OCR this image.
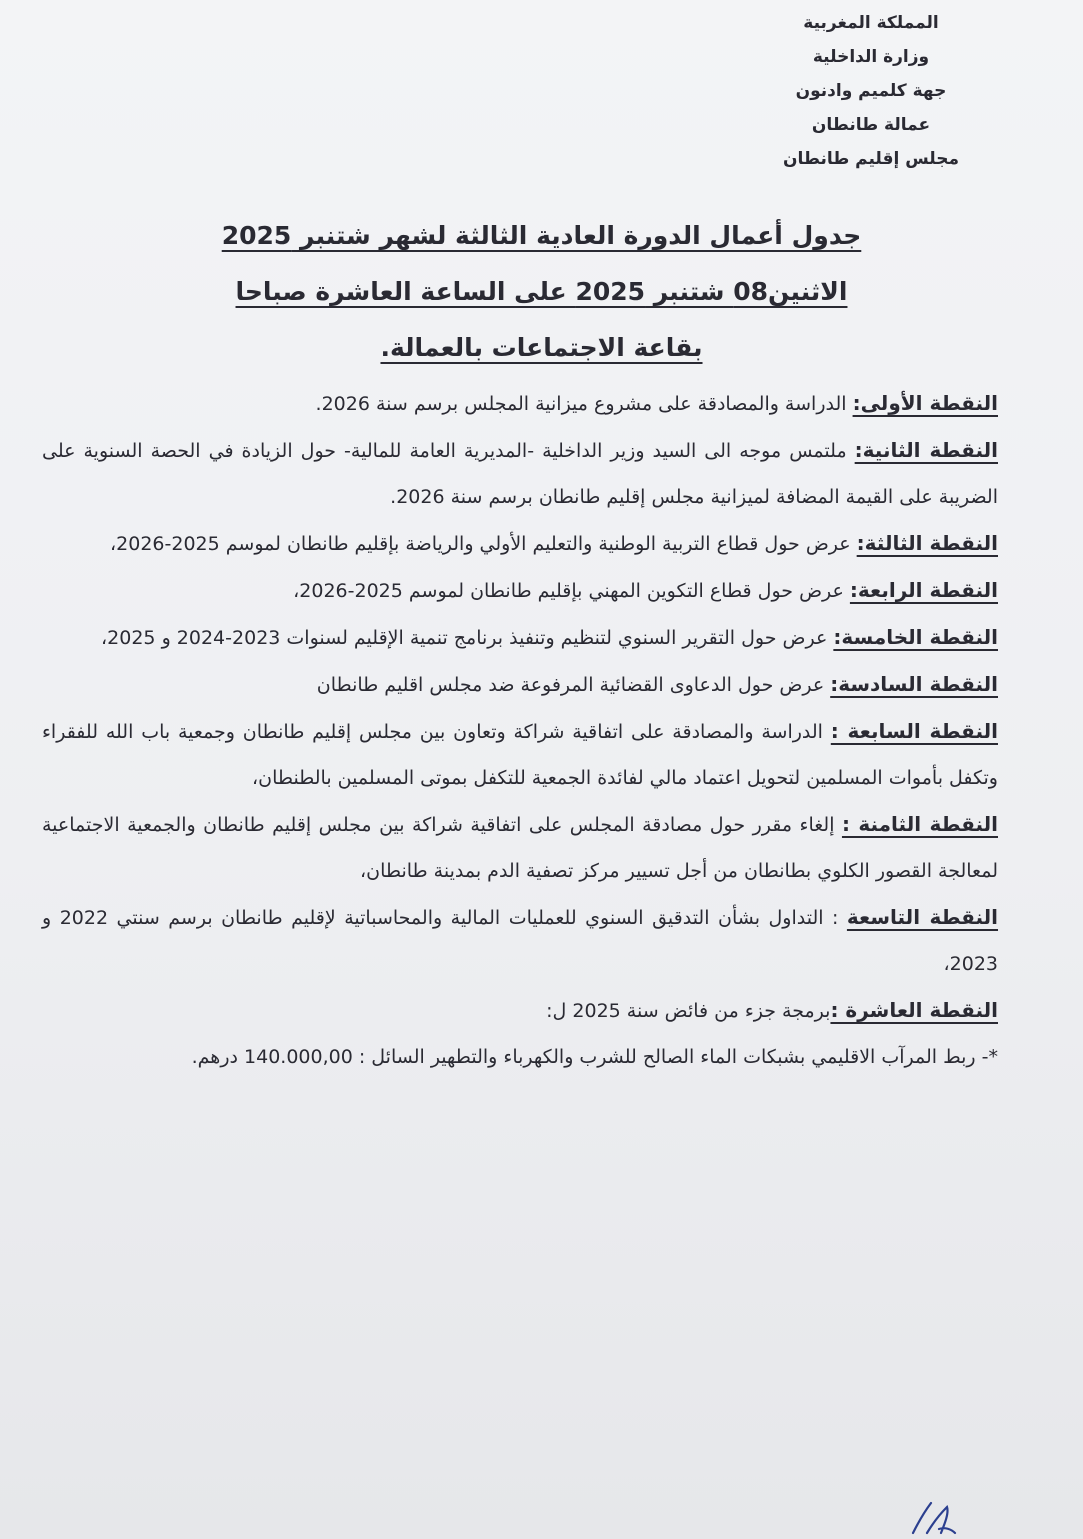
المملكة المغربية
وزارة الداخلية
جهة كلميم وادنون
عمالة طانطان
مجلس إقليم طانطان
جدول أعمال الدورة العادية الثالثة لشهر شتنبر 2025
الاثنين08 شتنبر 2025 على الساعة العاشرة صباحا
بقاعة الاجتماعات بالعمالة.

النقطة الأولى: الدراسة والمصادقة على مشروع ميزانية المجلس برسم سنة 2026.

النقطة الثانية: ملتمس موجه الى السيد وزير الداخلية -المديرية العامة للمالية- حول الزيادة في الحصة السنوية على الضريبة على القيمة المضافة لميزانية مجلس إقليم طانطان برسم سنة 2026.

النقطة الثالثة: عرض حول قطاع التربية الوطنية والتعليم الأولي والرياضة بإقليم طانطان لموسم 2025-2026،

النقطة الرابعة: عرض حول قطاع التكوين المهني بإقليم طانطان لموسم 2025-2026،

النقطة الخامسة: عرض حول التقرير السنوي لتنظيم وتنفيذ برنامج تنمية الإقليم لسنوات 2023-2024 و 2025،

النقطة السادسة: عرض حول الدعاوى القضائية المرفوعة ضد مجلس اقليم طانطان

النقطة السابعة : الدراسة والمصادقة على اتفاقية شراكة وتعاون بين مجلس إقليم طانطان وجمعية باب الله للفقراء وتكفل بأموات المسلمين لتحويل اعتماد مالي لفائدة الجمعية للتكفل بموتى المسلمين بالطنطان،

النقطة الثامنة : إلغاء مقرر حول مصادقة المجلس على اتفاقية شراكة بين مجلس إقليم طانطان والجمعية الاجتماعية لمعالجة القصور الكلوي بطانطان من أجل تسيير مركز تصفية الدم بمدينة طانطان،

النقطة التاسعة : التداول بشأن التدقيق السنوي للعمليات المالية والمحاسباتية لإقليم طانطان برسم سنتي 2022 و 2023،

النقطة العاشرة :برمجة جزء من فائض سنة 2025 ل:

*- ربط المرآب الاقليمي بشبكات الماء الصالح للشرب والكهرباء والتطهير السائل : 140.000,00 درهم.
